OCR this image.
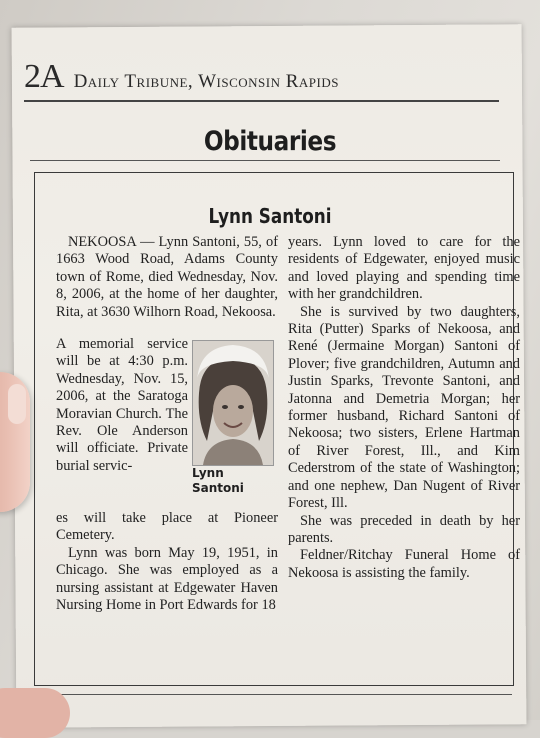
2A Daily Tribune, Wisconsin Rapids
Obituaries
Lynn Santoni

NEKOOSA — Lynn Santoni, 55, of 1663 Wood Road, Adams County town of Rome, died Wednesday, Nov. 8, 2006, at the home of her daughter, Rita, at 3630 Wilhorn Road, Nekoosa.

A memorial service will be at 4:30 p.m. Wednesday, Nov. 15, 2006, at the Saratoga Moravian Church. The Rev. Ole Anderson will officiate. Private burial servic-	Lynn Santoni

es will take place at Pioneer Cemetery.

Lynn was born May 19, 1951, in Chicago. She was employed as a nursing assistant at Edgewater Haven Nursing Home in Port Edwards for 18

years. Lynn loved to care for the residents of Edgewater, enjoyed music and loved playing and spending time with her grandchildren.

She is survived by two daughters, Rita (Putter) Sparks of Nekoosa, and René (Jermaine Morgan) Santoni of Plover; five grandchildren, Autumn and Justin Sparks, Trevonte Santoni, and Jatonna and Demetria Morgan; her former husband, Richard Santoni of Nekoosa; two sisters, Erlene Hartman of River Forest, Ill., and Kim Cederstrom of the state of Washington; and one nephew, Dan Nugent of River Forest, Ill.

She was preceded in death by her parents.

Feldner/Ritchay Funeral Home of Nekoosa is assisting the family.
